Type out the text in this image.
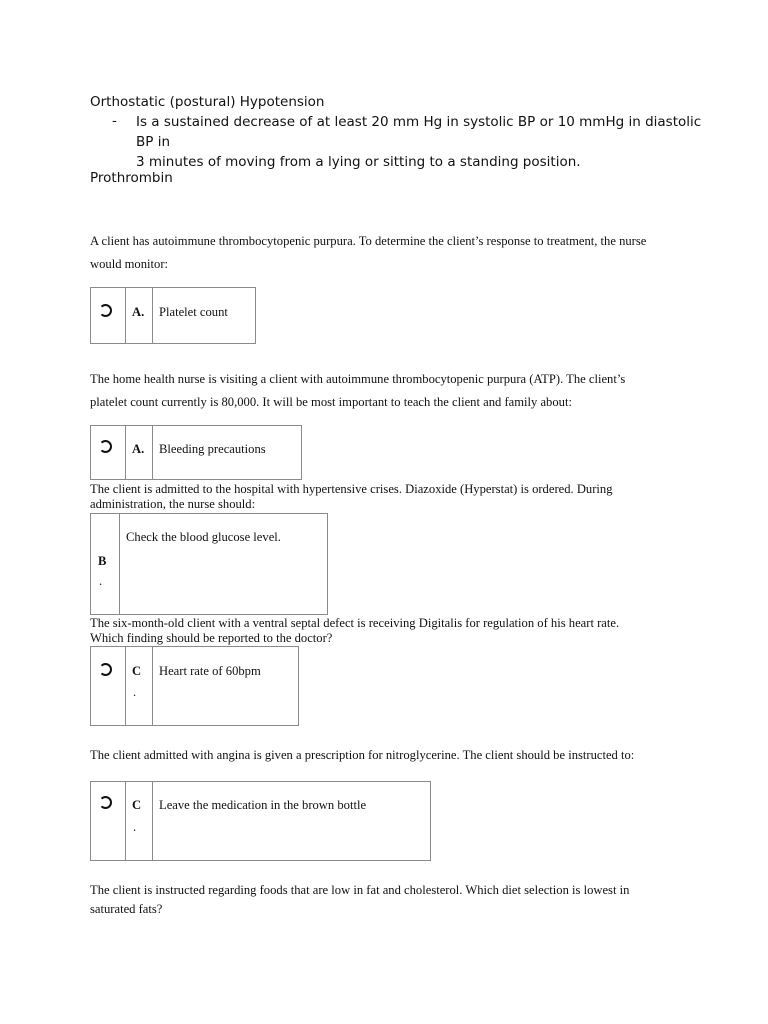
Orthostatic (postural) Hypotension
- Is a sustained decrease of at least 20 mm Hg in systolic BP or 10 mmHg in diastolic BP in
3 minutes of moving from a lying or sitting to a standing position.
Prothrombin
A client has autoimmune thrombocytopenic purpura. To determine the client’s response to treatment, the nurse
would monitor:
A. Platelet count
The home health nurse is visiting a client with autoimmune thrombocytopenic purpura (ATP). The client’s
platelet count currently is 80,000. It will be most important to teach the client and family about:
A. Bleeding precautions
The client is admitted to the hospital with hypertensive crises. Diazoxide (Hyperstat) is ordered. During
administration, the nurse should:
B
.
Check the blood glucose level.
The six-month-old client with a ventral septal defect is receiving Digitalis for regulation of his heart rate.
Which finding should be reported to the doctor?
C
.
Heart rate of 60bpm
The client admitted with angina is given a prescription for nitroglycerine. The client should be instructed to:
C
.
Leave the medication in the brown bottle
The client is instructed regarding foods that are low in fat and cholesterol. Which diet selection is lowest in
saturated fats?
